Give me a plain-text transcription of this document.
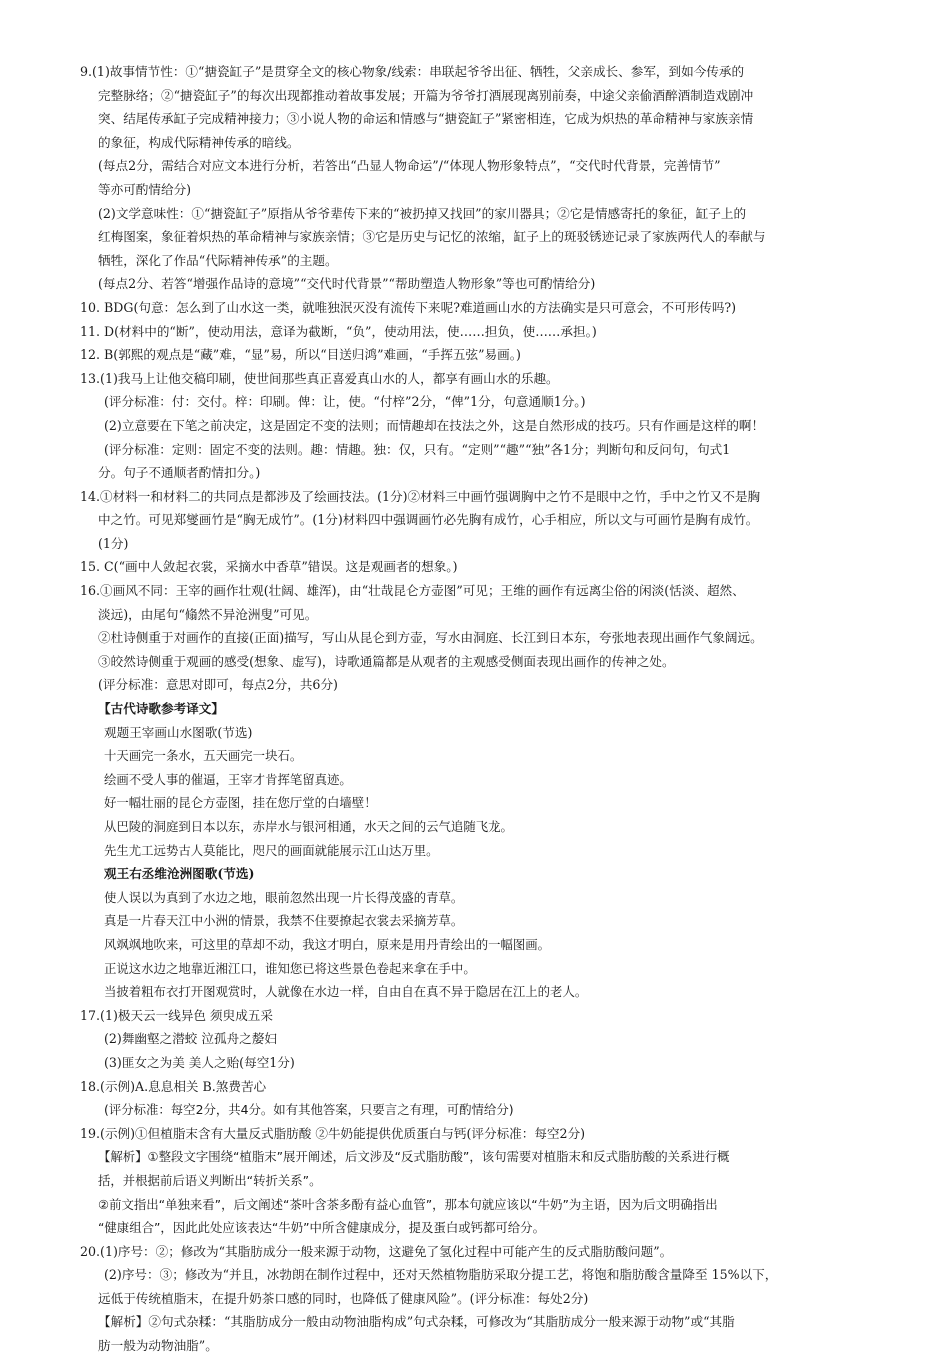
9.(1)故事情节性：①“搪瓷缸子”是贯穿全文的核心物象/线索：串联起爷爷出征、牺牲，父亲成长、参军，到如今传承的
完整脉络；②“搪瓷缸子”的每次出现都推动着故事发展；开篇为爷爷打酒展现离别前奏，中途父亲偷酒醉酒制造戏剧冲
突、结尾传承缸子完成精神接力；③小说人物的命运和情感与“搪瓷缸子”紧密相连，它成为炽热的革命精神与家族亲情
的象征，构成代际精神传承的暗线。
(每点2分，需结合对应文本进行分析，若答出“凸显人物命运”/“体现人物形象特点”，“交代时代背景，完善情节”
等亦可酌情给分)
(2)文学意味性：①“搪瓷缸子”原指从爷爷辈传下来的“被扔掉又找回”的家川器具；②它是情感寄托的象征，缸子上的
红梅图案，象征着炽热的革命精神与家族亲情；③它是历史与记忆的浓缩，缸子上的斑驳锈迹记录了家族两代人的奉献与
牺牲，深化了作品“代际精神传承”的主题。
(每点2分、若答“增强作品诗的意境”“交代时代背景”“帮助塑造人物形象”等也可酌情给分)
10. BDG(句意：怎么到了山水这一类，就唯独泯灭没有流传下来呢?难道画山水的方法确实是只可意会，不可形传吗?)
11. D(材料中的“断”，使动用法，意译为截断，“负”，使动用法，使……担负，使……承担。)
12. B(郭熙的观点是“藏”难，“显”易，所以“目送归鸿”难画，“手挥五弦”易画。)
13.(1)我马上让他交稿印刷，使世间那些真正喜爱真山水的人，都享有画山水的乐趣。
(评分标准：付：交付。梓：印刷。俾：让，使。“付梓”2分，“俾”1分，句意通顺1分。)
(2)立意要在下笔之前决定，这是固定不变的法则；而情趣却在技法之外，这是自然形成的技巧。只有作画是这样的啊！
(评分标准：定则：固定不变的法则。趣：情趣。独：仅，只有。“定则”“趣”“独”各1分；判断句和反问句，句式1
分。句子不通顺者酌情扣分。)
14.①材料一和材料二的共同点是都涉及了绘画技法。(1分)②材料三中画竹强调胸中之竹不是眼中之竹，手中之竹又不是胸
中之竹。可见郑燮画竹是“胸无成竹”。(1分)材料四中强调画竹必先胸有成竹，心手相应，所以文与可画竹是胸有成竹。
(1分)
15. C(“画中人敛起衣裳，采摘水中香草”错误。这是观画者的想象。)
16.①画风不同：王宰的画作壮观(壮阔、雄浑)，由“壮哉昆仑方壶图”可见；王维的画作有远离尘俗的闲淡(恬淡、超然、
淡远)，由尾句“翛然不异沧洲叟”可见。
②杜诗侧重于对画作的直接(正面)描写，写山从昆仑到方壶，写水由洞庭、长江到日本东，夸张地表现出画作气象阔远。
③皎然诗侧重于观画的感受(想象、虚写)，诗歌通篇都是从观者的主观感受侧面表现出画作的传神之处。
(评分标准：意思对即可，每点2分，共6分)
【古代诗歌参考译文】
观题王宰画山水图歌(节选)
十天画完一条水，五天画完一块石。
绘画不受人事的催逼，王宰才肯挥笔留真迹。
好一幅壮丽的昆仑方壶图，挂在您厅堂的白墙壁！
从巴陵的洞庭到日本以东，赤岸水与银河相通，水天之间的云气追随飞龙。
先生尤工远势古人莫能比，咫尺的画面就能展示江山达万里。
观王右丞维沧洲图歌(节选)
使人误以为真到了水边之地，眼前忽然出现一片长得茂盛的青草。
真是一片春天江中小洲的情景，我禁不住要撩起衣裳去采摘芳草。
风飒飒地吹来，可这里的草却不动，我这才明白，原来是用丹青绘出的一幅图画。
正说这水边之地靠近湘江口，谁知您已将这些景色卷起来拿在手中。
当披着粗布衣打开图观赏时，人就像在水边一样，自由自在真不异于隐居在江上的老人。
17.(1)极天云一线异色 须臾成五采
(2)舞幽壑之潜蛟 泣孤舟之嫠妇
(3)匪女之为美 美人之贻(每空1分)
18.(示例)A.息息相关 B.煞费苦心
(评分标准：每空2分，共4分。如有其他答案，只要言之有理，可酌情给分)
19.(示例)①但植脂末含有大量反式脂肪酸 ②牛奶能提供优质蛋白与钙(评分标准：每空2分)
【解析】①整段文字围绕“植脂末”展开阐述，后文涉及“反式脂肪酸”，该句需要对植脂末和反式脂肪酸的关系进行概
括，并根据前后语义判断出“转折关系”。
②前文指出“单独来看”，后文阐述“茶叶含茶多酚有益心血管”，那本句就应该以“牛奶”为主语，因为后文明确指出
“健康组合”，因此此处应该表达“牛奶”中所含健康成分，提及蛋白或钙都可给分。
20.(1)序号：②；修改为“其脂肪成分一般来源于动物，这避免了氢化过程中可能产生的反式脂肪酸问题”。
(2)序号：③；修改为“并且，冰勃朗在制作过程中，还对天然植物脂肪采取分提工艺，将饱和脂肪酸含量降至 15%以下，
远低于传统植脂末，在提升奶茶口感的同时，也降低了健康风险”。(评分标准：每处2分)
【解析】②句式杂糅：“其脂肪成分一般由动物油脂构成”句式杂糅，可修改为“其脂肪成分一般来源于动物”或“其脂
肪一般为动物油脂”。
